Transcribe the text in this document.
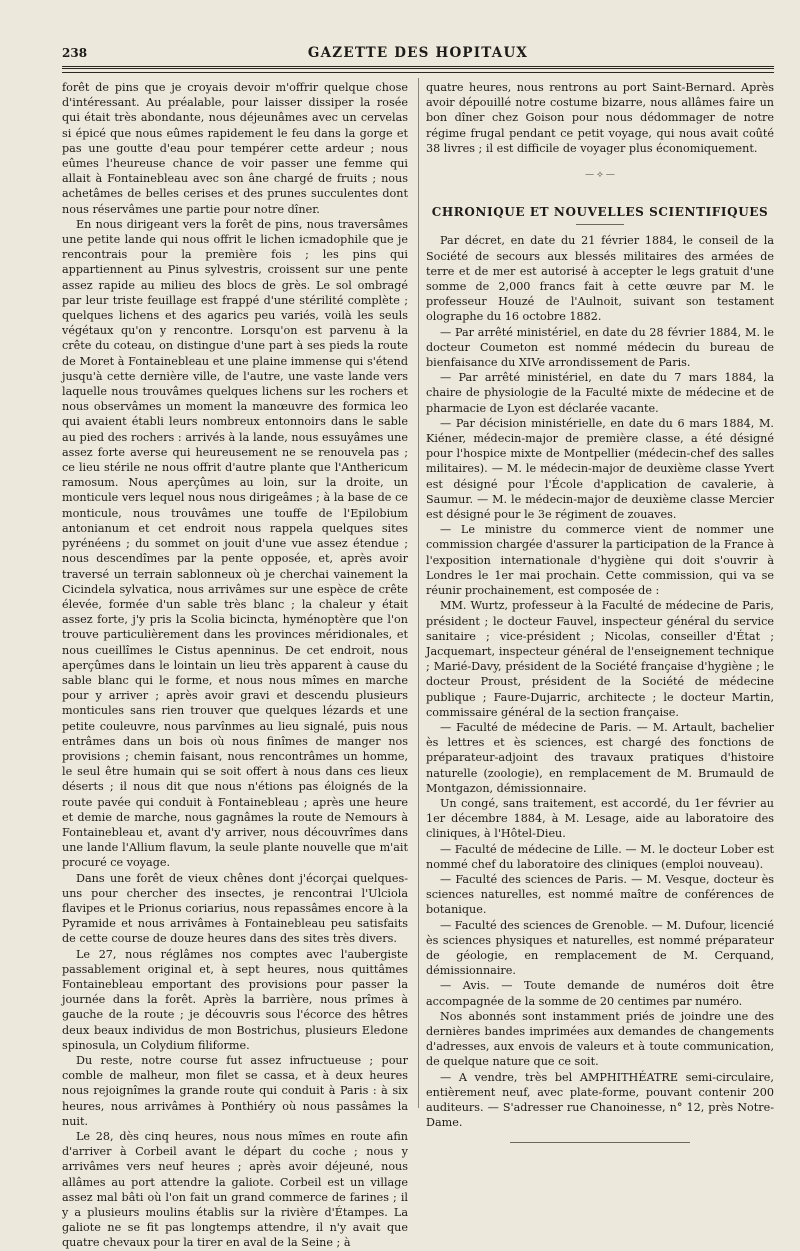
238	GAZETTE DES HOPITAUX

forêt de pins que je croyais devoir m'offrir quelque chose d'intéressant. Au préalable, pour laisser dissiper la rosée qui était très abondante, nous déjeunâmes avec un cervelas si épicé que nous eûmes rapidement le feu dans la gorge et pas une goutte d'eau pour tempérer cette ardeur ; nous eûmes l'heureuse chance de voir passer une femme qui allait à Fontainebleau avec son âne chargé de fruits ; nous achetâmes de belles cerises et des prunes succulentes dont nous réservâmes une partie pour notre dîner.

En nous dirigeant vers la forêt de pins, nous traversâmes une petite lande qui nous offrit le lichen icmadophile que je rencontrais pour la première fois ; les pins qui appartiennent au Pinus sylvestris, croissent sur une pente assez rapide au milieu des blocs de grès. Le sol ombragé par leur triste feuillage est frappé d'une stérilité complète ; quelques lichens et des agarics peu variés, voilà les seuls végétaux qu'on y rencontre. Lorsqu'on est parvenu à la crête du coteau, on distingue d'une part à ses pieds la route de Moret à Fontainebleau et une plaine immense qui s'étend jusqu'à cette dernière ville, de l'autre, une vaste lande vers laquelle nous trouvâmes quelques lichens sur les rochers et nous observâmes un moment la manœuvre des formica leo qui avaient établi leurs nombreux entonnoirs dans le sable au pied des rochers : arrivés à la lande, nous essuyâmes une assez forte averse qui heureusement ne se renouvela pas ; ce lieu stérile ne nous offrit d'autre plante que l'Anthericum ramosum. Nous aperçûmes au loin, sur la droite, un monticule vers lequel nous nous dirigeâmes ; à la base de ce monticule, nous trouvâmes une touffe de l'Epilobium antonianum et cet endroit nous rappela quelques sites pyrénéens ; du sommet on jouit d'une vue assez étendue ; nous descendîmes par la pente opposée, et, après avoir traversé un terrain sablonneux où je cherchai vainement la Cicindela sylvatica, nous arrivâmes sur une espèce de crête élevée, formée d'un sable très blanc ; la chaleur y était assez forte, j'y pris la Scolia bicincta, hyménoptère que l'on trouve particulièrement dans les provinces méridionales, et nous cueillîmes le Cistus apenninus. De cet endroit, nous aperçûmes dans le lointain un lieu très apparent à cause du sable blanc qui le forme, et nous nous mîmes en marche pour y arriver ; après avoir gravi et descendu plusieurs monticules sans rien trouver que quelques lézards et une petite couleuvre, nous parvînmes au lieu signalé, puis nous entrâmes dans un bois où nous finîmes de manger nos provisions ; chemin faisant, nous rencontrâmes un homme, le seul être humain qui se soit offert à nous dans ces lieux déserts ; il nous dit que nous n'étions pas éloignés de la route pavée qui conduit à Fontainebleau ; après une heure et demie de marche, nous gagnâmes la route de Nemours à Fontainebleau et, avant d'y arriver, nous découvrîmes dans une lande l'Allium flavum, la seule plante nouvelle que m'ait procuré ce voyage.

Dans une forêt de vieux chênes dont j'écorçai quelques-uns pour chercher des insectes, je rencontrai l'Ulciola flavipes et le Prionus coriarius, nous repassâmes encore à la Pyramide et nous arrivâmes à Fontainebleau peu satisfaits de cette course de douze heures dans des sites très divers.

Le 27, nous réglâmes nos comptes avec l'aubergiste passablement original et, à sept heures, nous quittâmes Fontainebleau emportant des provisions pour passer la journée dans la forêt. Après la barrière, nous prîmes à gauche de la route ; je découvris sous l'écorce des hêtres deux beaux individus de mon Bostrichus, plusieurs Eledone spinosula, un Colydium filiforme.

Du reste, notre course fut assez infructueuse ; pour comble de malheur, mon filet se cassa, et à deux heures nous rejoignîmes la grande route qui conduit à Paris : à six heures, nous arrivâmes à Ponthiéry où nous passâmes la nuit.

Le 28, dès cinq heures, nous nous mîmes en route afin d'arriver à Corbeil avant le départ du coche ; nous y arrivâmes vers neuf heures ; après avoir déjeuné, nous allâmes au port attendre la galiote. Corbeil est un village assez mal bâti où l'on fait un grand commerce de farines ; il y a plusieurs moulins établis sur la rivière d'Étampes. La galiote ne se fit pas longtemps attendre, il n'y avait que quatre chevaux pour la tirer en aval de la Seine ; à

quatre heures, nous rentrons au port Saint-Bernard. Après avoir dépouillé notre costume bizarre, nous allâmes faire un bon dîner chez Goison pour nous dédommager de notre régime frugal pendant ce petit voyage, qui nous avait coûté 38 livres ; il est difficile de voyager plus économiquement.

— ⟡ —
CHRONIQUE ET NOUVELLES SCIENTIFIQUES

Par décret, en date du 21 février 1884, le conseil de la Société de secours aux blessés militaires des armées de terre et de mer est autorisé à accepter le legs gratuit d'une somme de 2,000 francs fait à cette œuvre par M. le professeur Houzé de l'Aulnoit, suivant son testament olographe du 16 octobre 1882.

— Par arrêté ministériel, en date du 28 février 1884, M. le docteur Coumeton est nommé médecin du bureau de bienfaisance du XIVe arrondissement de Paris.

— Par arrêté ministériel, en date du 7 mars 1884, la chaire de physiologie de la Faculté mixte de médecine et de pharmacie de Lyon est déclarée vacante.

— Par décision ministérielle, en date du 6 mars 1884, M. Kiéner, médecin-major de première classe, a été désigné pour l'hospice mixte de Montpellier (médecin-chef des salles militaires). — M. le médecin-major de deuxième classe Yvert est désigné pour l'École d'application de cavalerie, à Saumur. — M. le médecin-major de deuxième classe Mercier est désigné pour le 3e régiment de zouaves.

— Le ministre du commerce vient de nommer une commission chargée d'assurer la participation de la France à l'exposition internationale d'hygiène qui doit s'ouvrir à Londres le 1er mai prochain. Cette commission, qui va se réunir prochainement, est composée de :

MM. Wurtz, professeur à la Faculté de médecine de Paris, président ; le docteur Fauvel, inspecteur général du service sanitaire ; vice-président ; Nicolas, conseiller d'État ; Jacquemart, inspecteur général de l'enseignement technique ; Marié-Davy, président de la Société française d'hygiène ; le docteur Proust, président de la Société de médecine publique ; Faure-Dujarric, architecte ; le docteur Martin, commissaire général de la section française.

— Faculté de médecine de Paris. — M. Artault, bachelier ès lettres et ès sciences, est chargé des fonctions de préparateur-adjoint des travaux pratiques d'histoire naturelle (zoologie), en remplacement de M. Brumauld de Montgazon, démissionnaire.

Un congé, sans traitement, est accordé, du 1er février au 1er décembre 1884, à M. Lesage, aide au laboratoire des cliniques, à l'Hôtel-Dieu.

— Faculté de médecine de Lille. — M. le docteur Lober est nommé chef du laboratoire des cliniques (emploi nouveau).

— Faculté des sciences de Paris. — M. Vesque, docteur ès sciences naturelles, est nommé maître de conférences de botanique.

— Faculté des sciences de Grenoble. — M. Dufour, licencié ès sciences physiques et naturelles, est nommé préparateur de géologie, en remplacement de M. Cerquand, démissionnaire.

— Avis. — Toute demande de numéros doit être accompagnée de la somme de 20 centimes par numéro.

Nos abonnés sont instamment priés de joindre une des dernières bandes imprimées aux demandes de changements d'adresses, aux envois de valeurs et à toute communication, de quelque nature que ce soit.

— A vendre, très bel AMPHITHÉATRE semi-circulaire, entièrement neuf, avec plate-forme, pouvant contenir 200 auditeurs. — S'adresser rue Chanoinesse, n° 12, près Notre-Dame.
